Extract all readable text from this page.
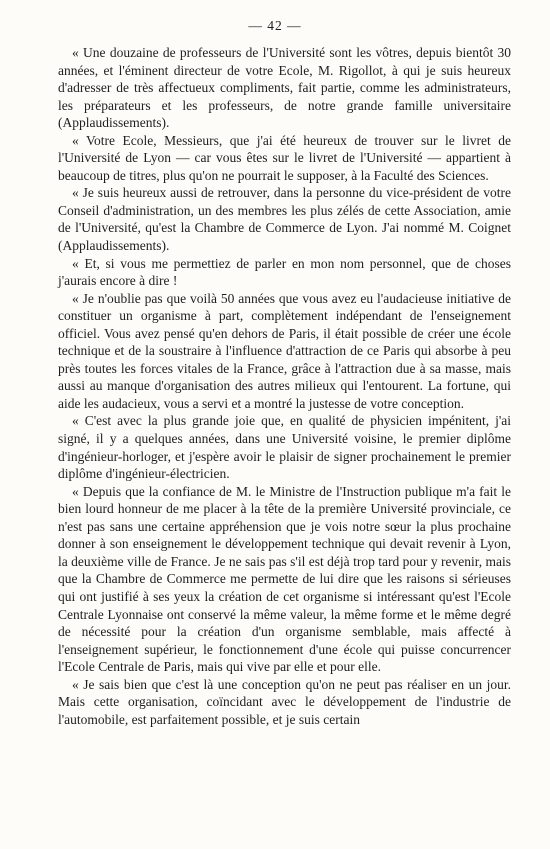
— 42 —

« Une douzaine de professeurs de l'Université sont les vôtres, depuis bientôt 30 années, et l'éminent directeur de votre Ecole, M. Rigollot, à qui je suis heureux d'adresser de très affectueux compliments, fait partie, comme les administrateurs, les préparateurs et les professeurs, de notre grande famille universitaire (Applaudissements).

« Votre Ecole, Messieurs, que j'ai été heureux de trouver sur le livret de l'Université de Lyon — car vous êtes sur le livret de l'Université — appartient à beaucoup de titres, plus qu'on ne pourrait le supposer, à la Faculté des Sciences.

« Je suis heureux aussi de retrouver, dans la personne du vice-président de votre Conseil d'administration, un des membres les plus zélés de cette Association, amie de l'Université, qu'est la Chambre de Commerce de Lyon. J'ai nommé M. Coignet (Applaudissements).

« Et, si vous me permettiez de parler en mon nom personnel, que de choses j'aurais encore à dire !

« Je n'oublie pas que voilà 50 années que vous avez eu l'audacieuse initiative de constituer un organisme à part, complètement indépendant de l'enseignement officiel. Vous avez pensé qu'en dehors de Paris, il était possible de créer une école technique et de la soustraire à l'influence d'attraction de ce Paris qui absorbe à peu près toutes les forces vitales de la France, grâce à l'attraction due à sa masse, mais aussi au manque d'organisation des autres milieux qui l'entourent. La fortune, qui aide les audacieux, vous a servi et a montré la justesse de votre conception.

« C'est avec la plus grande joie que, en qualité de physicien impénitent, j'ai signé, il y a quelques années, dans une Université voisine, le premier diplôme d'ingénieur-horloger, et j'espère avoir le plaisir de signer prochainement le premier diplôme d'ingénieur-électricien.

« Depuis que la confiance de M. le Ministre de l'Instruction publique m'a fait le bien lourd honneur de me placer à la tête de la première Université provinciale, ce n'est pas sans une certaine appréhension que je vois notre sœur la plus prochaine donner à son enseignement le développement technique qui devait revenir à Lyon, la deuxième ville de France. Je ne sais pas s'il est déjà trop tard pour y revenir, mais que la Chambre de Commerce me permette de lui dire que les raisons si sérieuses qui ont justifié à ses yeux la création de cet organisme si intéressant qu'est l'Ecole Centrale Lyonnaise ont conservé la même valeur, la même forme et le même degré de nécessité pour la création d'un organisme semblable, mais affecté à l'enseignement supérieur, le fonctionnement d'une école qui puisse concurrencer l'Ecole Centrale de Paris, mais qui vive par elle et pour elle.

« Je sais bien que c'est là une conception qu'on ne peut pas réaliser en un jour. Mais cette organisation, coïncidant avec le développement de l'industrie de l'automobile, est parfaitement possible, et je suis certain
